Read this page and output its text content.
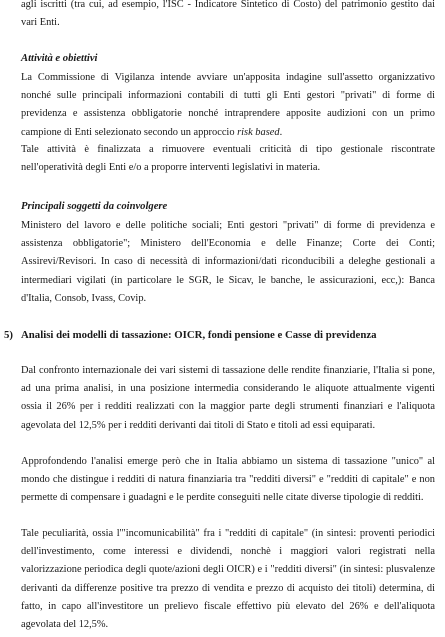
agli iscritti (tra cui, ad esempio, l'ISC - Indicatore Sintetico di Costo) del patrimonio gestito dai vari Enti.

Attività e obiettivi

La Commissione di Vigilanza intende avviare un'apposita indagine sull'assetto organizzativo nonché sulle principali informazioni contabili di tutti gli Enti gestori "privati" di forme di previdenza e assistenza obbligatorie nonché intraprendere apposite audizioni con un primo campione di Enti selezionato secondo un approccio risk based.

Tale attività è finalizzata a rimuovere eventuali criticità di tipo gestionale riscontrate nell'operatività degli Enti e/o a proporre interventi legislativi in materia.

Principali soggetti da coinvolgere

Ministero del lavoro e delle politiche sociali; Enti gestori "privati" di forme di previdenza e assistenza obbligatorie"; Ministero dell'Economia e delle Finanze; Corte dei Conti; Assirevi/Revisori. In caso di necessità di informazioni/dati riconducibili a deleghe gestionali a intermediari vigilati (in particolare le SGR, le Sicav, le banche, le assicurazioni, ecc,): Banca d'Italia, Consob, Ivass, Covip.

5) Analisi dei modelli di tassazione: OICR, fondi pensione e Casse di previdenza

Dal confronto internazionale dei vari sistemi di tassazione delle rendite finanziarie, l'Italia si pone, ad una prima analisi, in una posizione intermedia considerando le aliquote attualmente vigenti ossia il 26% per i redditi realizzati con la maggior parte degli strumenti finanziari e l'aliquota agevolata del 12,5% per i redditi derivanti dai titoli di Stato e titoli ad essi equiparati.

Approfondendo l'analisi emerge però che in Italia abbiamo un sistema di tassazione "unico" al mondo che distingue i redditi di natura finanziaria tra "redditi diversi" e "redditi di capitale" e non permette di compensare i guadagni e le perdite conseguiti nelle citate diverse tipologie di redditi.

Tale peculiarità, ossia l'"incomunicabilità" fra i "redditi di capitale" (in sintesi: proventi periodici dell'investimento, come interessi e dividendi, nonchè i maggiori valori registrati nella valorizzazione periodica degli quote/azioni degli OICR) e i "redditi diversi" (in sintesi: plusvalenze derivanti da differenze positive tra prezzo di vendita e prezzo di acquisto dei titoli) determina, di fatto, in capo all'investitore un prelievo fiscale effettivo più elevato del 26% e dell'aliquota agevolata del 12,5%.
